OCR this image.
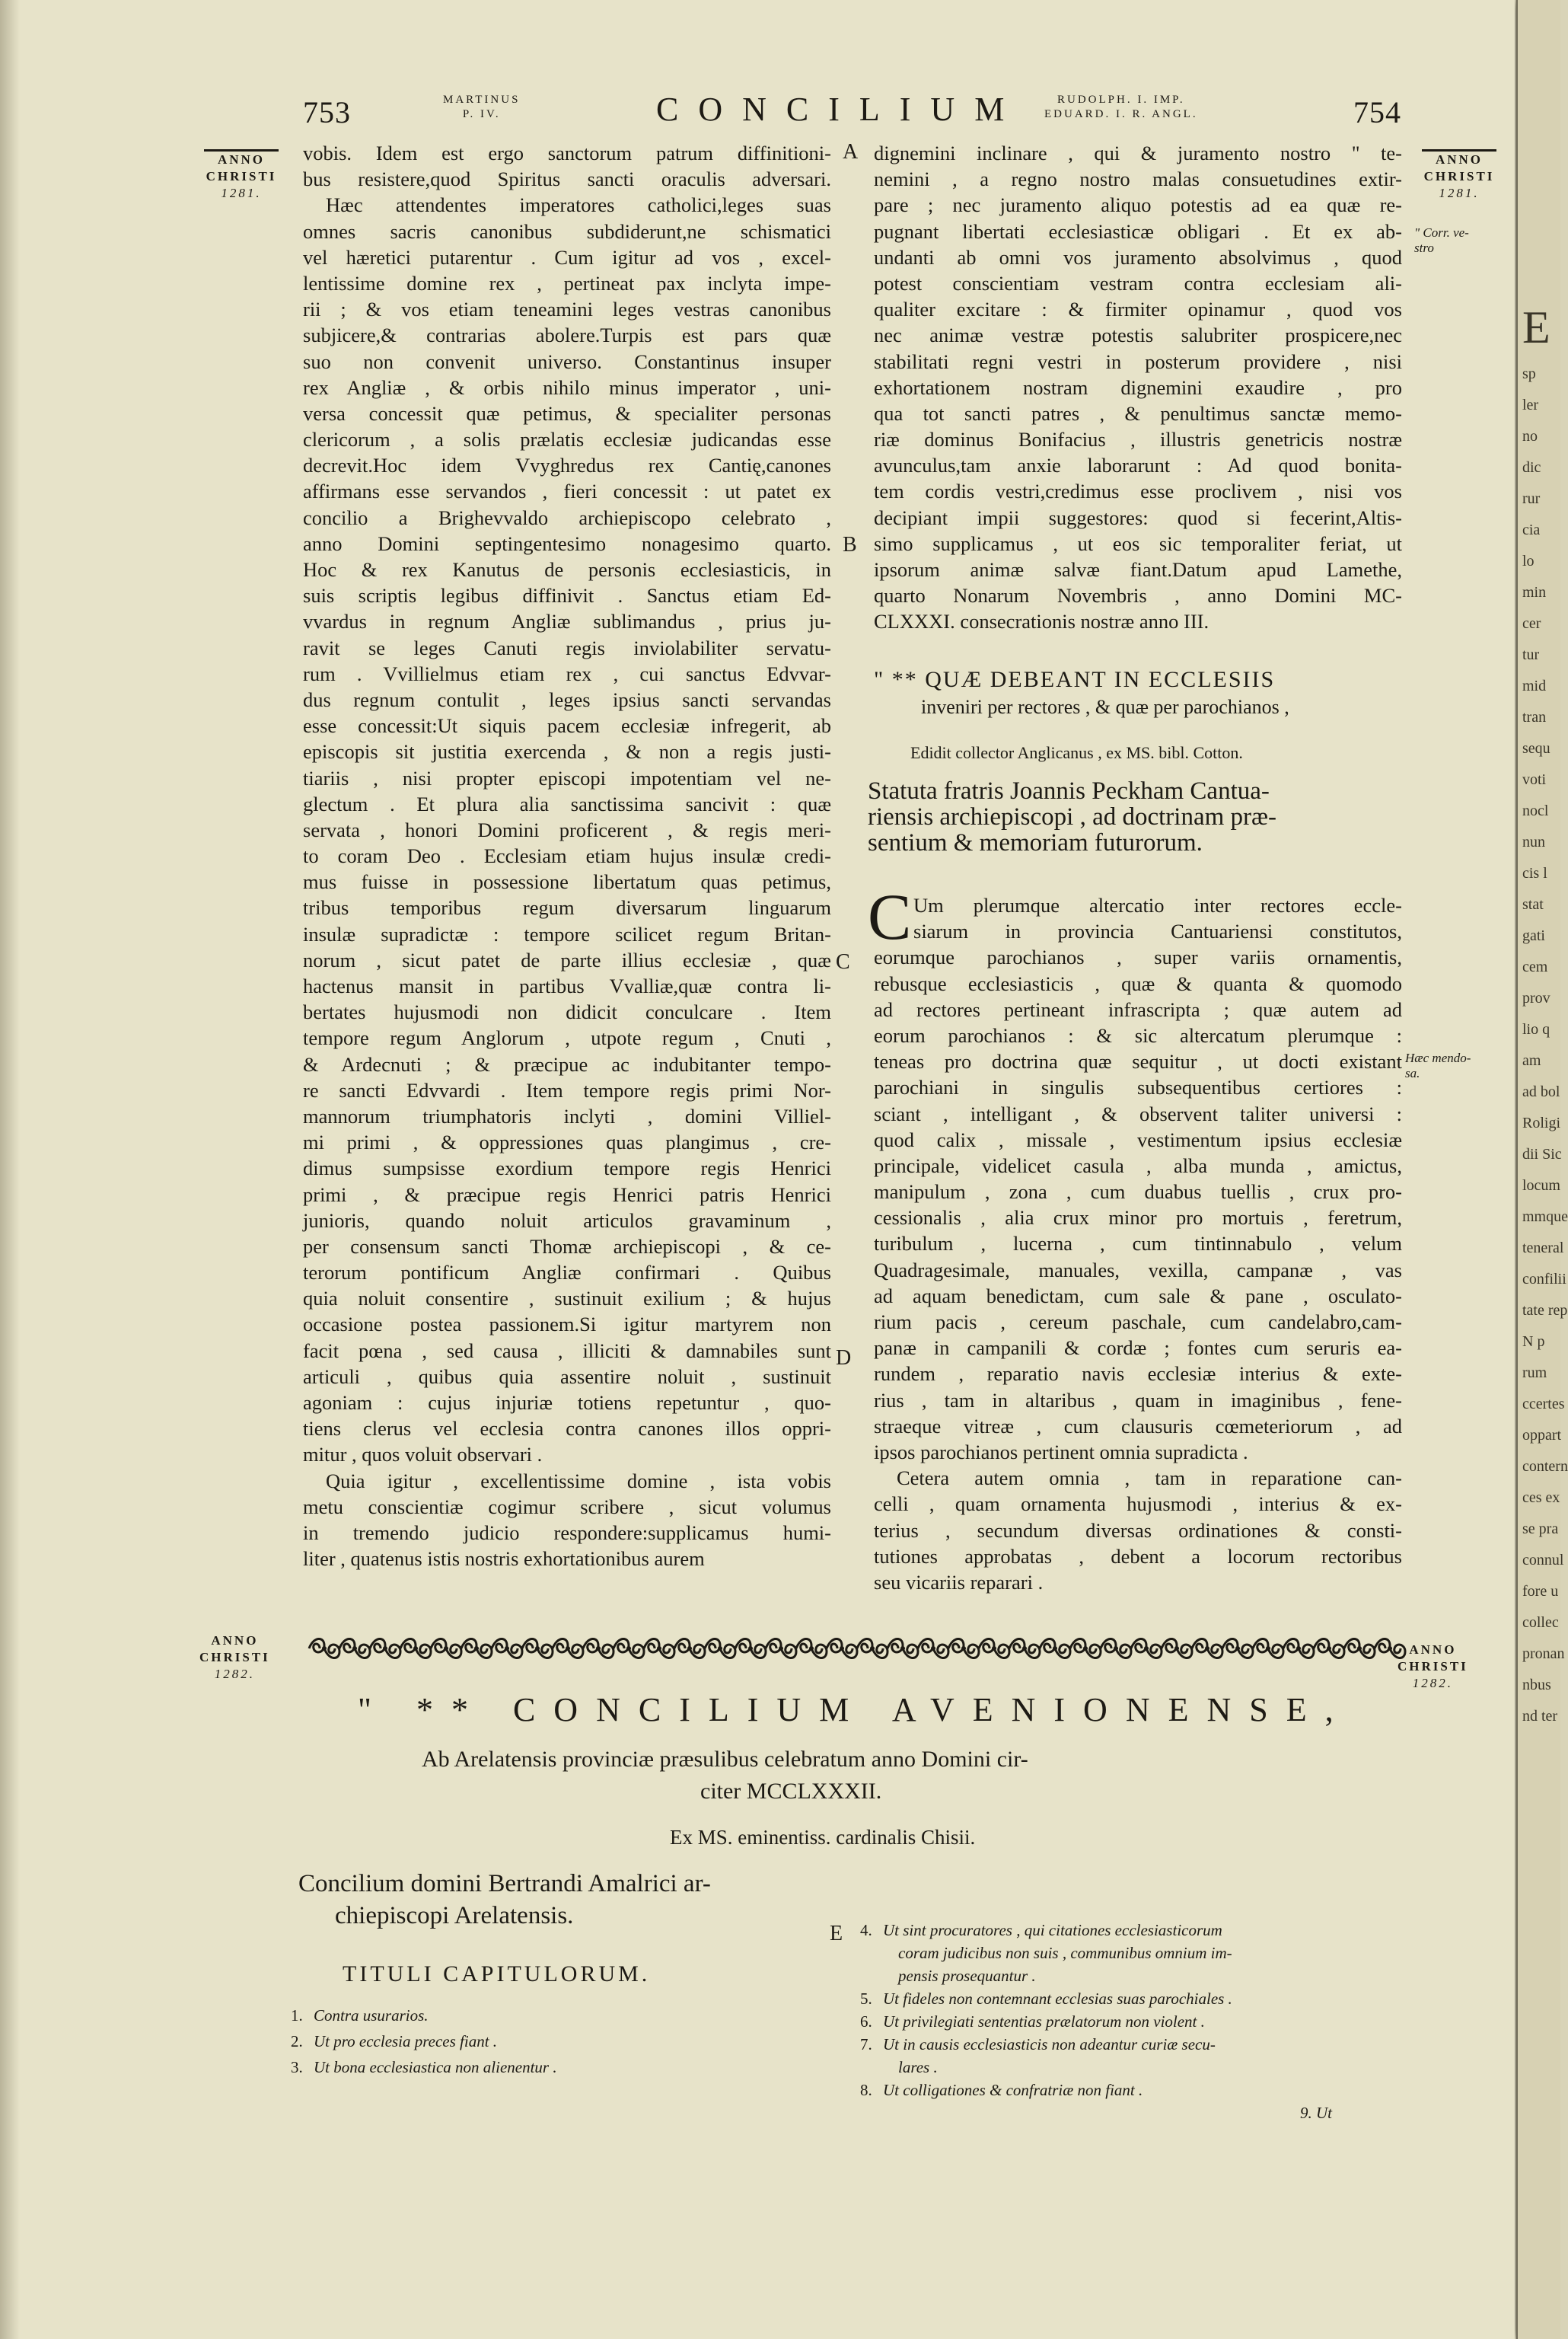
753	MARTINUS
P. IV.	CONCILIUM	RUDOLPH. I. IMP.
EDUARD. I. R. ANGL.	754
ANNO
CHRISTI
1281.
ANNO
CHRISTI
1281.
" Corr. ve-
stro
Hæc mendo-
sa.
A
B
C
D
E
vobis. Idem est ergo sanctorum patrum diffinitioni-
bus resistere,quod Spiritus sancti oraculis adversari.
Hæc attendentes imperatores catholici,leges suas
omnes sacris canonibus subdiderunt,ne schismatici
vel hæretici putarentur . Cum igitur ad vos , excel-
lentissime domine rex , pertineat pax inclyta impe-
rii ; & vos etiam teneamini leges vestras canonibus
subjicere,& contrarias abolere.Turpis est pars quæ
suo non convenit universo. Constantinus insuper
rex Angliæ , & orbis nihilo minus imperator , uni-
versa concessit quæ petimus, & specialiter personas
clericorum , a solis prælatis ecclesiæ judicandas esse
decrevit.Hoc idem Vvyghredus rex Cantię,canones
affirmans esse servandos , fieri concessit : ut patet ex
concilio a Brighevvaldo archiepiscopo celebrato ,
anno Domini septingentesimo nonagesimo quarto.
Hoc & rex Kanutus de personis ecclesiasticis, in
suis scriptis legibus diffinivit . Sanctus etiam Ed-
vvardus in regnum Angliæ sublimandus , prius ju-
ravit se leges Canuti regis inviolabiliter servatu-
rum . Vvillielmus etiam rex , cui sanctus Edvvar-
dus regnum contulit , leges ipsius sancti servandas
esse concessit:Ut siquis pacem ecclesiæ infregerit, ab
episcopis sit justitia exercenda , & non a regis justi-
tiariis , nisi propter episcopi impotentiam vel ne-
glectum . Et plura alia sanctissima sancivit : quæ
servata , honori Domini proficerent , & regis meri-
to coram Deo . Ecclesiam etiam hujus insulæ credi-
mus fuisse in possessione libertatum quas petimus,
tribus temporibus regum diversarum linguarum
insulæ supradictæ : tempore scilicet regum Britan-
norum , sicut patet de parte illius ecclesiæ , quæ
hactenus mansit in partibus Vvalliæ,quæ contra li-
bertates hujusmodi non didicit conculcare . Item
tempore regum Anglorum , utpote regum , Cnuti ,
& Ardecnuti ; & præcipue ac indubitanter tempo-
re sancti Edvvardi . Item tempore regis primi Nor-
mannorum triumphatoris inclyti , domini Villiel-
mi primi , & oppressiones quas plangimus , cre-
dimus sumpsisse exordium tempore regis Henrici
primi , & præcipue regis Henrici patris Henrici
junioris, quando noluit articulos gravaminum ,
per consensum sancti Thomæ archiepiscopi , & ce-
terorum pontificum Angliæ confirmari . Quibus
quia noluit consentire , sustinuit exilium ; & hujus
occasione postea passionem.Si igitur martyrem non
facit pœna , sed causa , illiciti & damnabiles sunt
articuli , quibus quia assentire noluit , sustinuit
agoniam : cujus injuriæ totiens repetuntur , quo-
tiens clerus vel ecclesia contra canones illos oppri-
mitur , quos voluit observari .
Quia igitur , excellentissime domine , ista vobis
metu conscientiæ cogimur scribere , sicut volumus
in tremendo judicio respondere:supplicamus humi-
liter , quatenus istis nostris exhortationibus aurem
dignemini inclinare , qui & juramento nostro " te-
nemini , a regno nostro malas consuetudines extir-
pare ; nec juramento aliquo potestis ad ea quæ re-
pugnant libertati ecclesiasticæ obligari . Et ex ab-
undanti ab omni vos juramento absolvimus , quod
potest conscientiam vestram contra ecclesiam ali-
qualiter excitare : & firmiter opinamur , quod vos
nec animæ vestræ potestis salubriter prospicere,nec
stabilitati regni vestri in posterum providere , nisi
exhortationem nostram dignemini exaudire , pro
qua tot sancti patres , & penultimus sanctæ memo-
riæ dominus Bonifacius , illustris genetricis nostræ
avunculus,tam anxie laborarunt : Ad quod bonita-
tem cordis vestri,credimus esse proclivem , nisi vos
decipiant impii suggestores: quod si fecerint,Altis-
simo supplicamus , ut eos sic temporaliter feriat, ut
ipsorum animæ salvæ fiant.Datum apud Lamethe,
quarto Nonarum Novembris , anno Domini MC-
CLXXXI. consecrationis nostræ anno III.
" ** QUÆ DEBEANT IN ECCLESIIS
inveniri per rectores , & quæ per parochianos ,
Edidit collector Anglicanus , ex MS. bibl. Cotton.
Statuta fratris Joannis Peckham Cantua-
riensis archiepiscopi , ad doctrinam præ-
sentium & memoriam futurorum.
C Um plerumque altercatio inter rectores eccle-
siarum in provincia Cantuariensi constitutos,
eorumque parochianos , super variis ornamentis,
rebusque ecclesiasticis , quæ & quanta & quomodo
ad rectores pertineant infrascripta ; quæ autem ad
eorum parochianos : & sic altercatum plerumque :
teneas pro doctrina quæ sequitur , ut docti existant
parochiani in singulis subsequentibus certiores :
sciant , intelligant , & observent taliter universi :
quod calix , missale , vestimentum ipsius ecclesiæ
principale, videlicet casula , alba munda , amictus,
manipulum , zona , cum duabus tuellis , crux pro-
cessionalis , alia crux minor pro mortuis , feretrum,
turibulum , lucerna , cum tintinnabulo , velum
Quadragesimale, manuales, vexilla, campanæ , vas
ad aquam benedictam, cum sale & pane , osculato-
rium pacis , cereum paschale, cum candelabro,cam-
panæ in campanili & cordæ ; fontes cum seruris ea-
rundem , reparatio navis ecclesiæ interius & exte-
rius , tam in altaribus , quam in imaginibus , fene-
straeque vitreæ , cum clausuris cœmeteriorum , ad
ipsos parochianos pertinent omnia supradicta .
Cetera autem omnia , tam in reparatione can-
celli , quam ornamenta hujusmodi , interius & ex-
terius , secundum diversas ordinationes & consti-
tutiones approbatas , debent a locorum rectoribus
seu vicariis reparari .
ANNO
CHRISTI
1282.
ANNO
CHRISTI
1282.
" ** CONCILIUM AVENIONENSE,
Ab Arelatensis provinciæ præsulibus celebratum anno Domini cir-
citer MCCLXXXII.
Ex MS. eminentiss. cardinalis Chisii.
Concilium domini Bertrandi Amalrici ar-
chiepiscopi Arelatensis.
TITULI CAPITULORUM.
1. Contra usurarios.
2. Ut pro ecclesia preces fiant .
3. Ut bona ecclesiastica non alienentur .
4. Ut sint procuratores , qui citationes ecclesiasticorum
coram judicibus non suis , communibus omnium im-
pensis prosequantur .
5. Ut fideles non contemnant ecclesias suas parochiales .
6. Ut privilegiati sententias prælatorum non violent .
7. Ut in causis ecclesiasticis non adeantur curiæ secu-
lares .
8. Ut colligationes & confratriæ non fiant .
9. Ut
E
sp
ler
no
dic
rur
cia
lo
min
cer
tur
mid
tran
sequ
voti
nocl
nun
cis l
stat
gati
cem
prov
lio q
am
ad bol
Roligi
dii Sic
locum
mmque
teneral
confilii
tate rep
N p
rum
ccertes
oppart
contern
ces ex
se pra
connul
fore u
collec
pronan
nbus
nd ter
